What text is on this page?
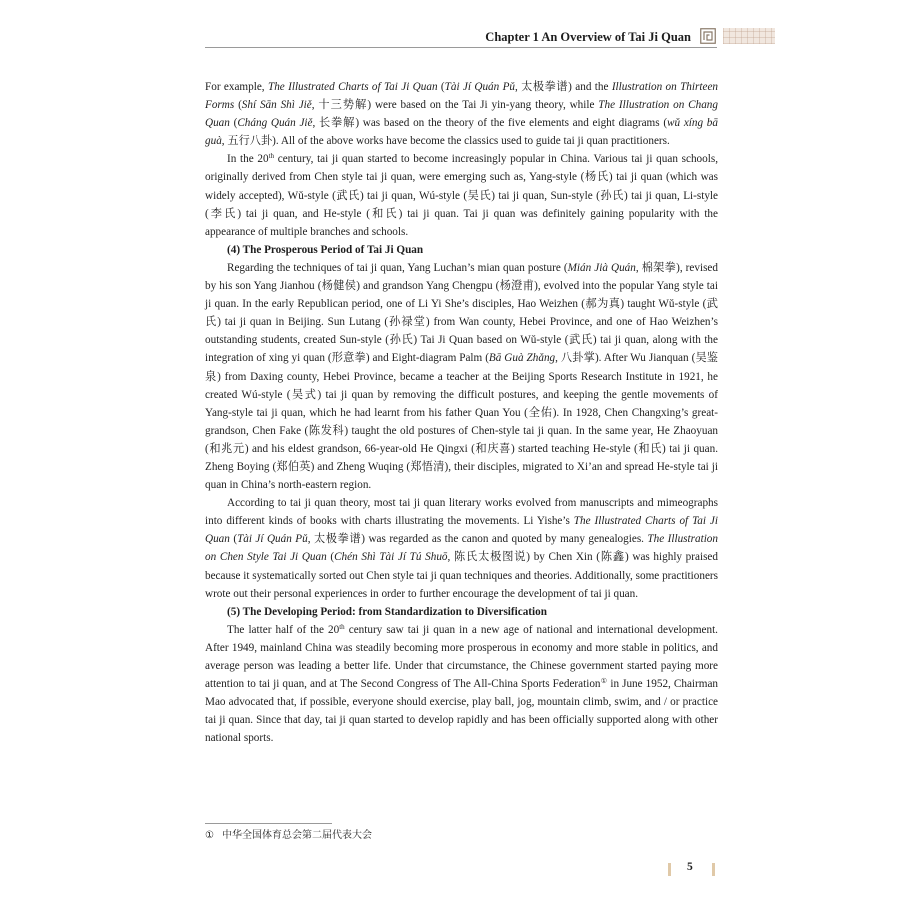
Chapter 1 An Overview of Tai Ji Quan

For example, The Illustrated Charts of Tai Ji Quan (Tài Jí Quán Pǔ, 太极拳谱) and the Illustration on Thirteen Forms (Shí Sān Shì Jiě, 十三势解) were based on the Tai Ji yin-yang theory, while The Illustration on Chang Quan (Cháng Quán Jiě, 长拳解) was based on the theory of the five elements and eight diagrams (wǔ xíng bā guà, 五行八卦). All of the above works have become the classics used to guide tai ji quan practitioners.

In the 20th century, tai ji quan started to become increasingly popular in China. Various tai ji quan schools, originally derived from Chen style tai ji quan, were emerging such as, Yang-style (杨氏) tai ji quan (which was widely accepted), Wǔ-style (武氏) tai ji quan, Wú-style (吴氏) tai ji quan, Sun-style (孙氏) tai ji quan, Li-style (李氏) tai ji quan, and He-style (和氏) tai ji quan. Tai ji quan was definitely gaining popularity with the appearance of multiple branches and schools.

(4) The Prosperous Period of Tai Ji Quan

Regarding the techniques of tai ji quan, Yang Luchan’s mian quan posture (Mián Jià Quán, 棉架拳), revised by his son Yang Jianhou (杨健侯) and grandson Yang Chengpu (杨澄甫), evolved into the popular Yang style tai ji quan. In the early Republican period, one of Li Yi She’s disciples, Hao Weizhen (郝为真) taught Wǔ-style (武氏) tai ji quan in Beijing. Sun Lutang (孙禄堂) from Wan county, Hebei Province, and one of Hao Weizhen’s outstanding students, created Sun-style (孙氏) Tai Ji Quan based on Wǔ-style (武氏) tai ji quan, along with the integration of xing yi quan (形意拳) and Eight-diagram Palm (Bā Guà Zhǎng, 八卦掌). After Wu Jianquan (吴鉴泉) from Daxing county, Hebei Province, became a teacher at the Beijing Sports Research Institute in 1921, he created Wú-style (吴式) tai ji quan by removing the difficult postures, and keeping the gentle movements of Yang-style tai ji quan, which he had learnt from his father Quan You (全佑). In 1928, Chen Changxing’s great-grandson, Chen Fake (陈发科) taught the old postures of Chen-style tai ji quan. In the same year, He Zhaoyuan (和兆元) and his eldest grandson, 66-year-old He Qingxi (和庆喜) started teaching He-style (和氏) tai ji quan. Zheng Boying (郑伯英) and Zheng Wuqing (郑悟清), their disciples, migrated to Xi’an and spread He-style tai ji quan in China’s north-eastern region.

According to tai ji quan theory, most tai ji quan literary works evolved from manuscripts and mimeographs into different kinds of books with charts illustrating the movements. Li Yishe’s The Illustrated Charts of Tai Ji Quan (Tài Jí Quán Pǔ, 太极拳谱) was regarded as the canon and quoted by many genealogies. The Illustration on Chen Style Tai Ji Quan (Chén Shì Tài Jí Tú Shuō, 陈氏太极图说) by Chen Xin (陈鑫) was highly praised because it systematically sorted out Chen style tai ji quan techniques and theories. Additionally, some practitioners wrote out their personal experiences in order to further encourage the development of tai ji quan.

(5) The Developing Period: from Standardization to Diversification

The latter half of the 20th century saw tai ji quan in a new age of national and international development. After 1949, mainland China was steadily becoming more prosperous in economy and more stable in politics, and average person was leading a better life. Under that circumstance, the Chinese government started paying more attention to tai ji quan, and at The Second Congress of The All-China Sports Federation① in June 1952, Chairman Mao advocated that, if possible, everyone should exercise, play ball, jog, mountain climb, swim, and / or practice tai ji quan. Since that day, tai ji quan started to develop rapidly and has been officially supported along with other national sports.

① 中华全国体育总会第二届代表大会
5
